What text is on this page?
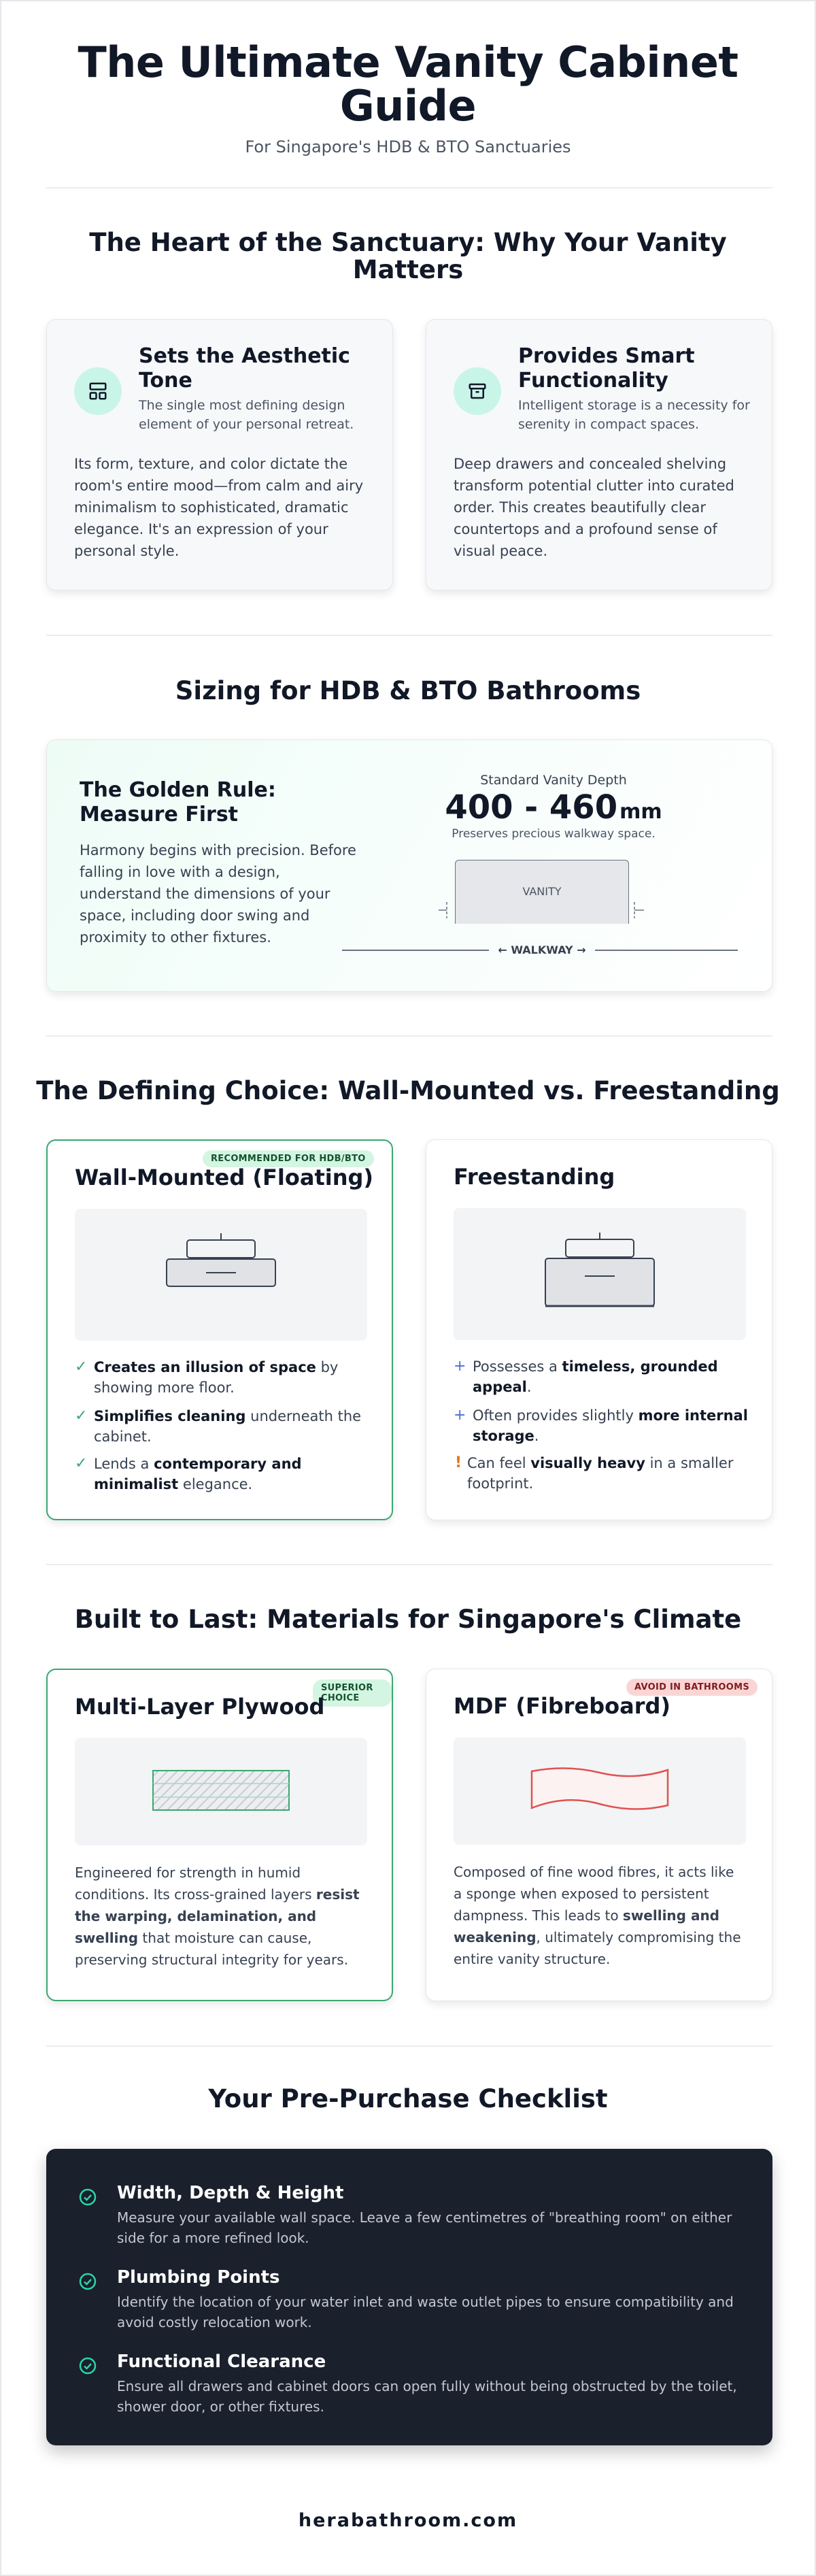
The Ultimate Vanity Cabinet
Guide
For Singapore's HDB & BTO Sanctuaries
The Heart of the Sanctuary: Why Your Vanity
Matters
Sets the Aesthetic
Tone
The single most defining design
element of your personal retreat.
Its form, texture, and color dictate the
room's entire mood—from calm and airy
minimalism to sophisticated, dramatic
elegance. It's an expression of your
personal style.
Provides Smart
Functionality
Intelligent storage is a necessity for
serenity in compact spaces.
Deep drawers and concealed shelving
transform potential clutter into curated
order. This creates beautifully clear
countertops and a profound sense of
visual peace.
Sizing for HDB & BTO Bathrooms
The Golden Rule:
Measure First
Harmony begins with precision. Before
falling in love with a design,
understand the dimensions of your
space, including door swing and
proximity to other fixtures.
Standard Vanity Depth
400 - 460 mm
Preserves precious walkway space.
VANITY
← WALKWAY →
The Defining Choice: Wall-Mounted vs. Freestanding
RECOMMENDED FOR HDB/BTO
Wall-Mounted (Floating)
✓ Creates an illusion of space by
showing more floor.
✓ Simplifies cleaning underneath the
cabinet.
✓ Lends a contemporary and
minimalist elegance.
Freestanding
+ Possesses a timeless, grounded
appeal.
+ Often provides slightly more internal
storage.
! Can feel visually heavy in a smaller
footprint.
Built to Last: Materials for Singapore's Climate
SUPERIOR CHOICE
Multi-Layer Plywood
Engineered for strength in humid
conditions. Its cross-grained layers resist
the warping, delamination, and
swelling that moisture can cause,
preserving structural integrity for years.
AVOID IN BATHROOMS
MDF (Fibreboard)
Composed of fine wood fibres, it acts like
a sponge when exposed to persistent
dampness. This leads to swelling and
weakening, ultimately compromising the
entire vanity structure.
Your Pre-Purchase Checklist
Width, Depth & Height
Measure your available wall space. Leave a few centimetres of "breathing room" on either
side for a more refined look.
Plumbing Points
Identify the location of your water inlet and waste outlet pipes to ensure compatibility and
avoid costly relocation work.
Functional Clearance
Ensure all drawers and cabinet doors can open fully without being obstructed by the toilet,
shower door, or other fixtures.
herabathroom.com
